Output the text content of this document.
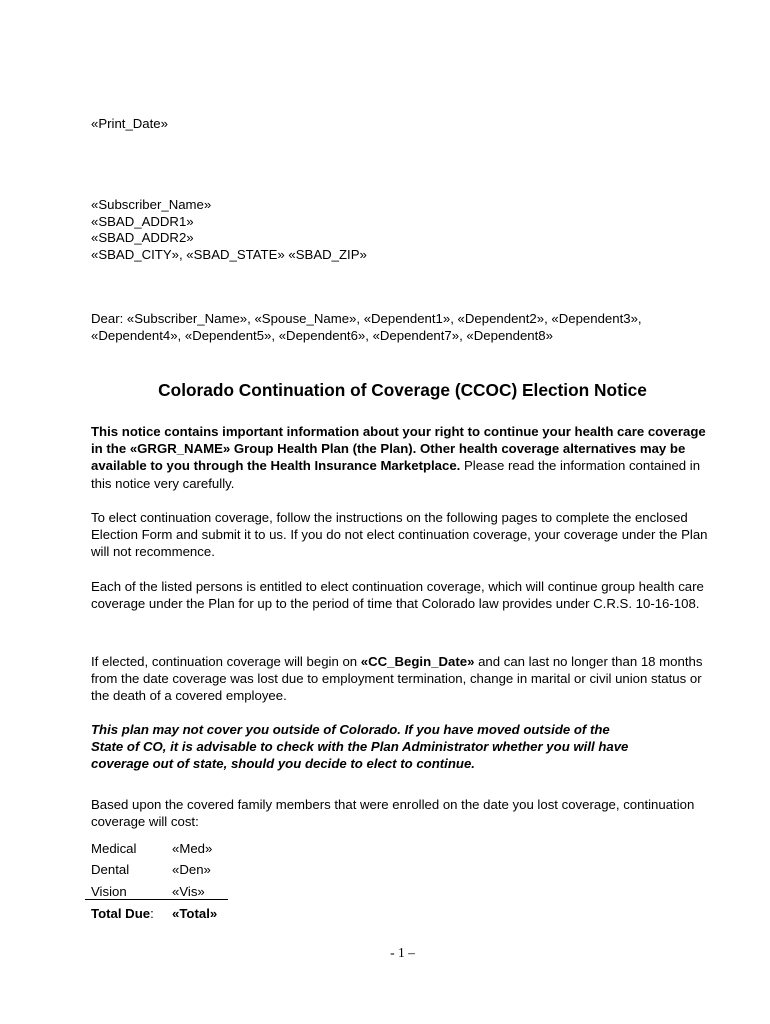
«Print_Date»

«Subscriber_Name»

«SBAD_ADDR1»

«SBAD_ADDR2»

«SBAD_CITY», «SBAD_STATE» «SBAD_ZIP»

Dear: «Subscriber_Name», «Spouse_Name», «Dependent1», «Dependent2», «Dependent3»,

«Dependent4», «Dependent5», «Dependent6», «Dependent7», «Dependent8»

Colorado Continuation of Coverage (CCOC) Election Notice

This notice contains important information about your right to continue your health care coverage in the «GRGR_NAME» Group Health Plan (the Plan). Other health coverage alternatives may be available to you through the Health Insurance Marketplace. Please read the information contained in this notice very carefully.

To elect continuation coverage, follow the instructions on the following pages to complete the enclosed Election Form and submit it to us. If you do not elect continuation coverage, your coverage under the Plan will not recommence.

Each of the listed persons is entitled to elect continuation coverage, which will continue group health care coverage under the Plan for up to the period of time that Colorado law provides under C.R.S. 10-16-108.

If elected, continuation coverage will begin on «CC_Begin_Date» and can last no longer than 18 months from the date coverage was lost due to employment termination, change in marital or civil union status or the death of a covered employee.

This plan may not cover you outside of Colorado. If you have moved outside of the

State of CO, it is advisable to check with the Plan Administrator whether you will have

coverage out of state, should you decide to elect to continue.

Based upon the covered family members that were enrolled on the date you lost coverage, continuation coverage will cost:

Medical	«Med»
Dental	«Den»
Vision	«Vis»
Total Due:	«Total»
- 1 –
